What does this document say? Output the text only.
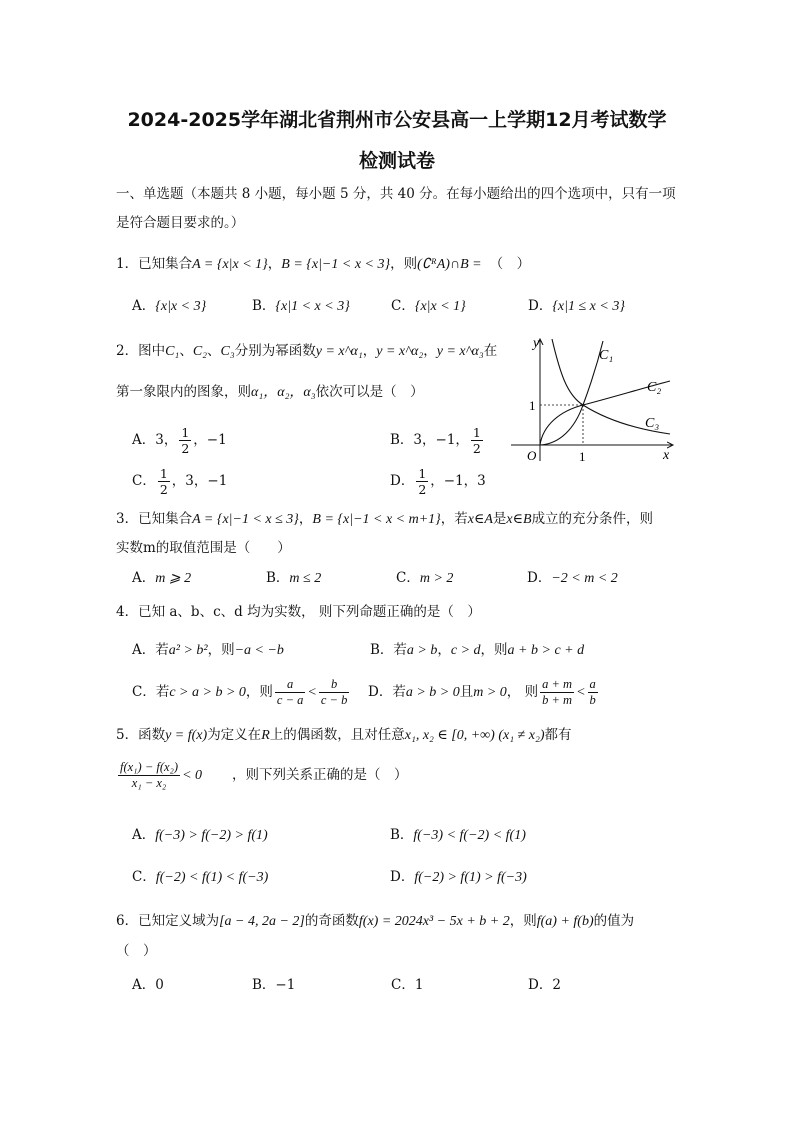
2024-2025学年湖北省荆州市公安县高一上学期12月考试数学
检测试卷
一、单选题（本题共 8 小题，每小题 5 分，共 40 分。在每小题给出的四个选项中，只有一项
是符合题目要求的。）
1．已知集合A = {x|x < 1}，B = {x|−1 < x < 3}，则(∁ᴿA)∩B = （　）
A．{x|x < 3}	B．{x|1 < x < 3}	C．{x|x < 1}	D．{x|1 ≤ x < 3}
2．图中C₁、C₂、C₃分别为幂函数y = x^α₁，y = x^α₂，y = x^α₃在
第一象限内的图象，则α₁，α₂，α₃依次可以是（　）
A．3， $\frac{1}{2}$ ，−1	B．3，−1， $\frac{1}{2}$
C． $\frac{1}{2}$ ，3，−1	D． $\frac{1}{2}$ ，−1，3
y
x
O	1
1
C₁
C₂
C₃
3．已知集合A = {x|−1 < x ≤ 3}，B = {x|−1 < x < m+1}，若x∈A是x∈B成立的充分条件，则
实数m的取值范围是（　　）
A．m ⩾ 2	B．m ≤ 2	C．m > 2	D．−2 < m < 2
4．已知 a、b、c、d 均为实数， 则下列命题正确的是（　）
A．若a² > b²，则−a < −b	B．若a > b，c > d，则a + b > c + d
C．若c > a > b > 0，则 $\frac{a}{c - a} < \frac{b}{c - b}$ D．若a > b > 0且m > 0， 则 $\frac{a + m}{b + m} < \frac{a}{b}$
5．函数y = f(x)为定义在R上的偶函数，且对任意x₁, x₂ ∈ [0, +∞) (x₁ ≠ x₂)都有
$\frac{\text{f(x₁) − f(x₂)}}{\text{x₁ − x₂}} < 0$ ，则下列关系正确的是（　）
A．f(−3) > f(−2) > f(1)	B．f(−3) < f(−2) < f(1)
C．f(−2) < f(1) < f(−3)	D．f(−2) > f(1) > f(−3)
6．已知定义域为[a − 4, 2a − 2]的奇函数f(x) = 2024x³ − 5x + b + 2，则f(a) + f(b)的值为
（　）
A．0	B．−1	C．1	D．2
